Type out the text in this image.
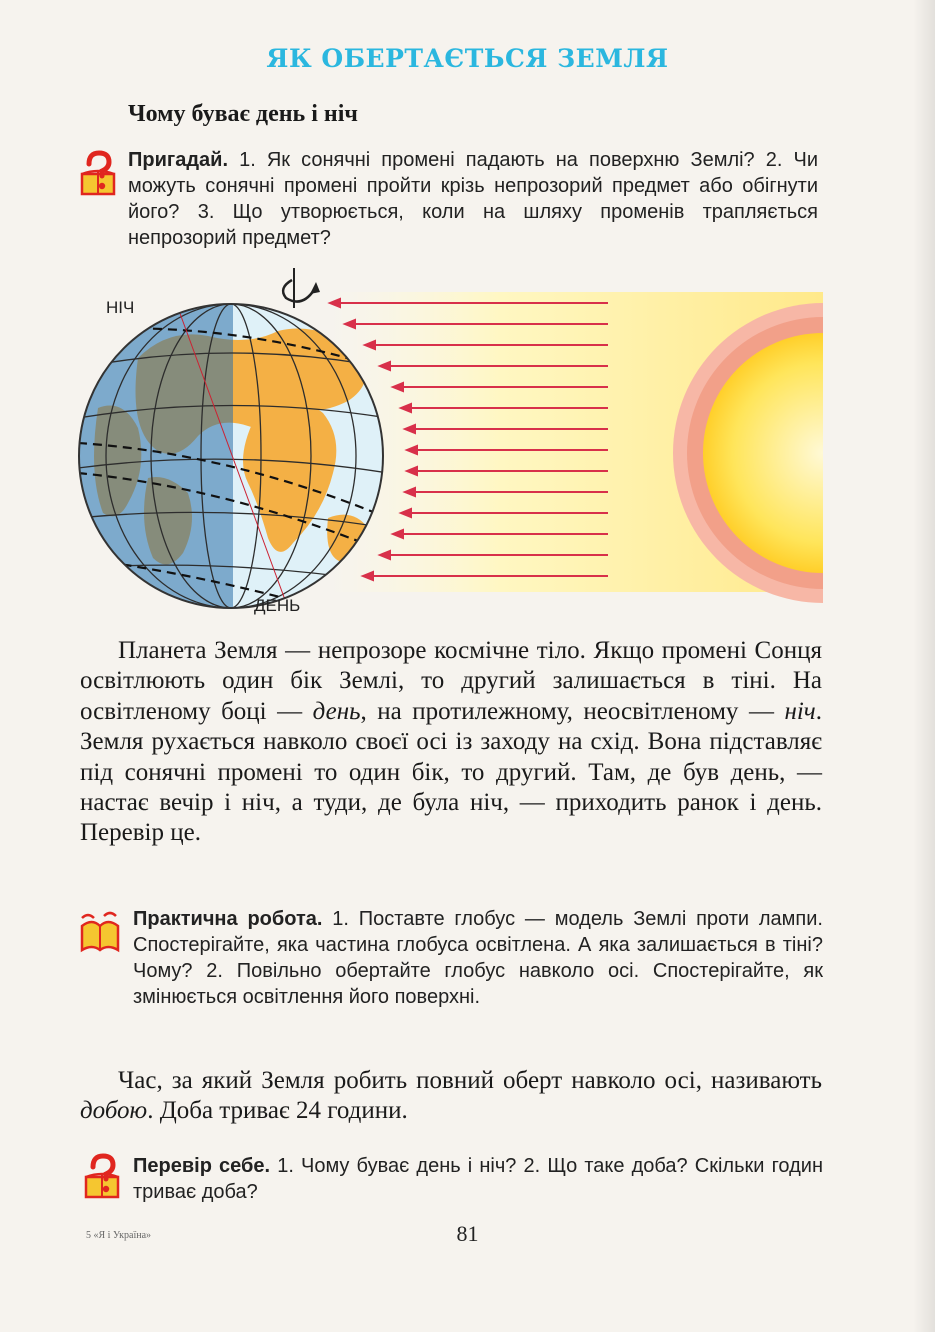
ЯК ОБЕРТАЄТЬСЯ ЗЕМЛЯ
Чому буває день і ніч
Пригадай. 1. Як сонячні промені падають на поверхню Землі? 2. Чи можуть сонячні промені пройти крізь непрозорий предмет або обігнути його? 3. Що утворюється, коли на шляху променів трапляється непрозорий предмет?
НІЧ
ДЕНЬ
Планета Земля — непрозоре космічне тіло. Якщо промені Сонця освітлюють один бік Землі, то другий залишається в тіні. На освітленому боці — день, на протилежному, неосвітленому — ніч. Земля рухається навколо своєї осі із заходу на схід. Вона підставляє під сонячні промені то один бік, то другий. Там, де був день, — настає вечір і ніч, а туди, де була ніч, — приходить ранок і день. Перевір це.
Практична робота. 1. Поставте глобус — модель Землі проти лампи. Спостерігайте, яка частина глобуса освітлена. А яка залишається в тіні? Чому? 2. Повільно обертайте глобус навколо осі. Спостерігайте, як змінюється освітлення його поверхні.
Час, за який Земля робить повний оберт навколо осі, називають добою. Доба триває 24 години.
Перевір себе. 1. Чому буває день і ніч? 2. Що таке доба? Скільки годин триває доба?
5 «Я і Україна»	81
